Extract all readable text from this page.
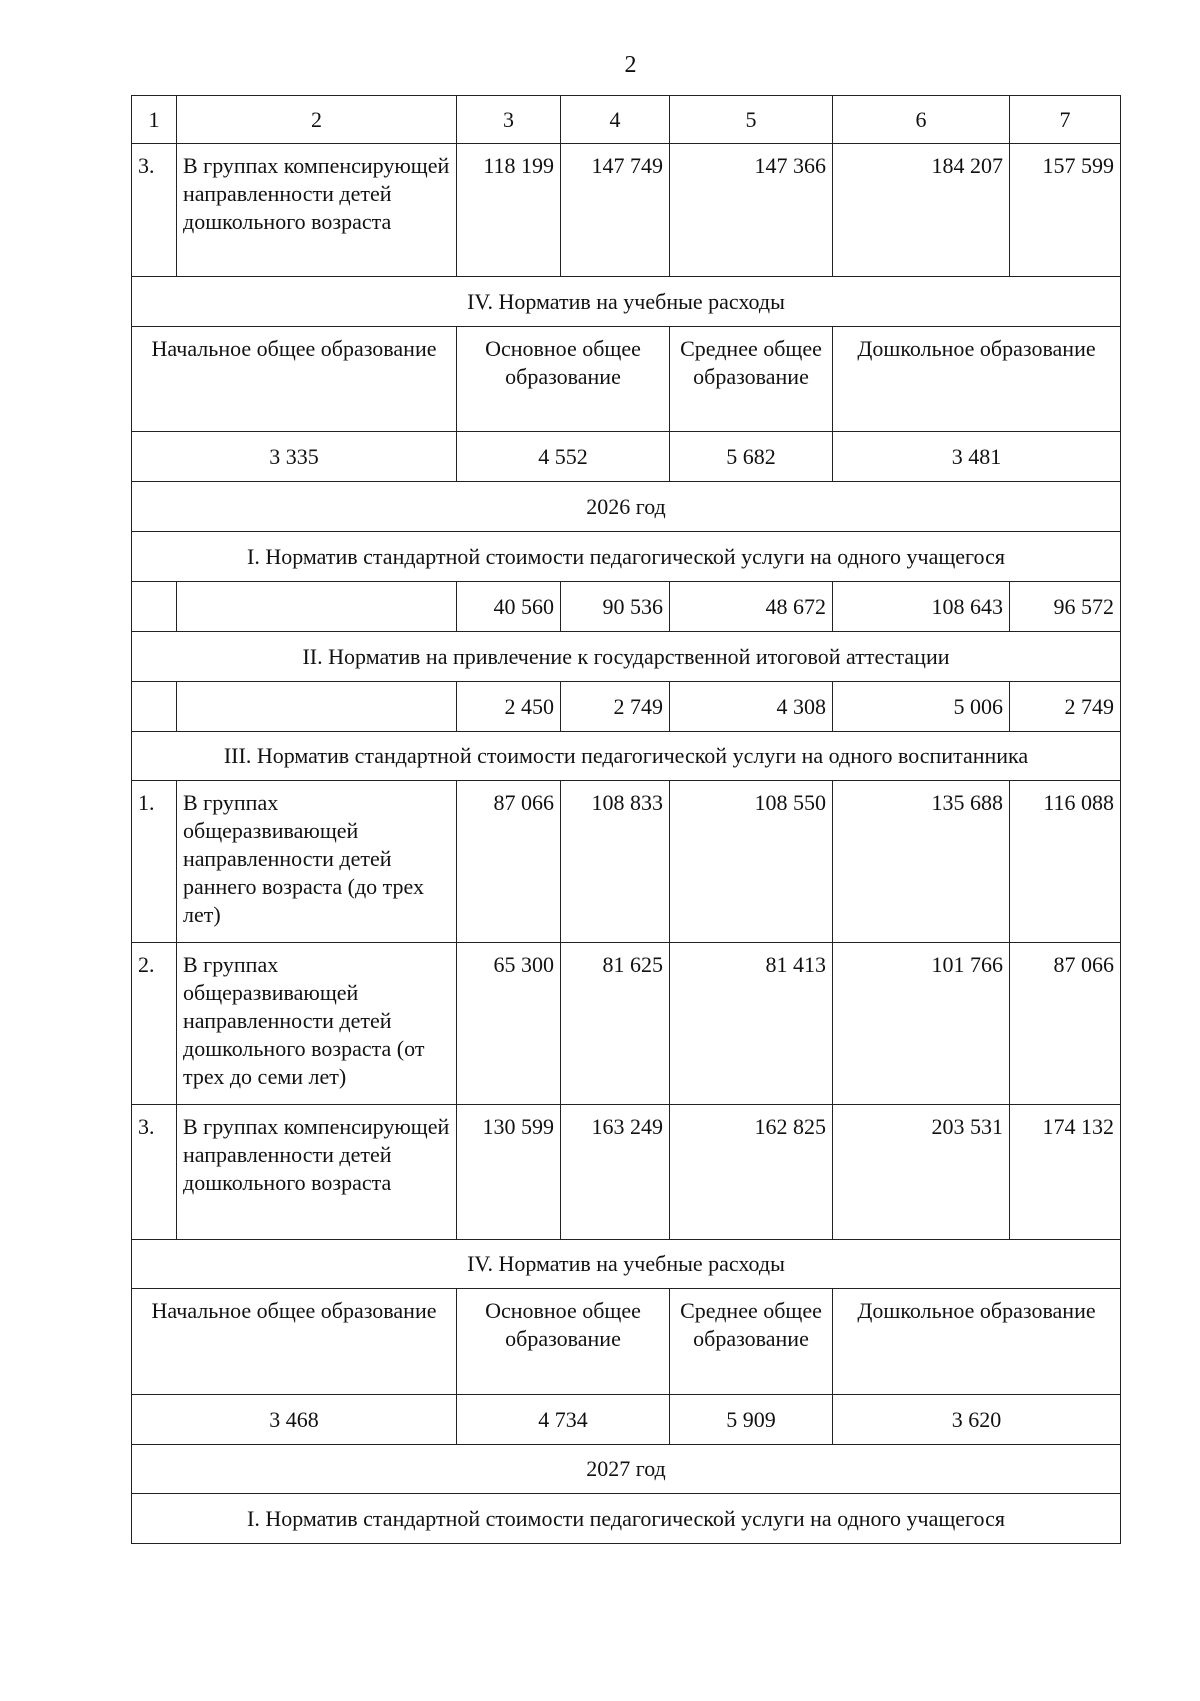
2
1	2	3	4	5	6	7
3.	В группах компенсирующей направленности детей дошкольного возраста	118 199	147 749	147 366	184 207	157 599
IV. Норматив на учебные расходы						
Начальное общее образование		Основное общее образование		Среднее общее образование	Дошкольное образование	
3 335		4 552		5 682	3 481	
2026 год						
I. Норматив стандартной стоимости педагогической услуги на одного учащегося						
		40 560	90 536	48 672	108 643	96 572
II. Норматив на привлечение к государственной итоговой аттестации						
		2 450	2 749	4 308	5 006	2 749
III. Норматив стандартной стоимости педагогической услуги на одного воспитанника						
1.	В группах общеразвивающей направленности детей раннего возраста (до трех лет)	87 066	108 833	108 550	135 688	116 088
2.	В группах общеразвивающей направленности детей дошкольного возраста (от трех до семи лет)	65 300	81 625	81 413	101 766	87 066
3.	В группах компенсирующей направленности детей дошкольного возраста	130 599	163 249	162 825	203 531	174 132
IV. Норматив на учебные расходы						
Начальное общее образование		Основное общее образование		Среднее общее образование	Дошкольное образование	
3 468		4 734		5 909	3 620	
2027 год						
I. Норматив стандартной стоимости педагогической услуги на одного учащегося						
